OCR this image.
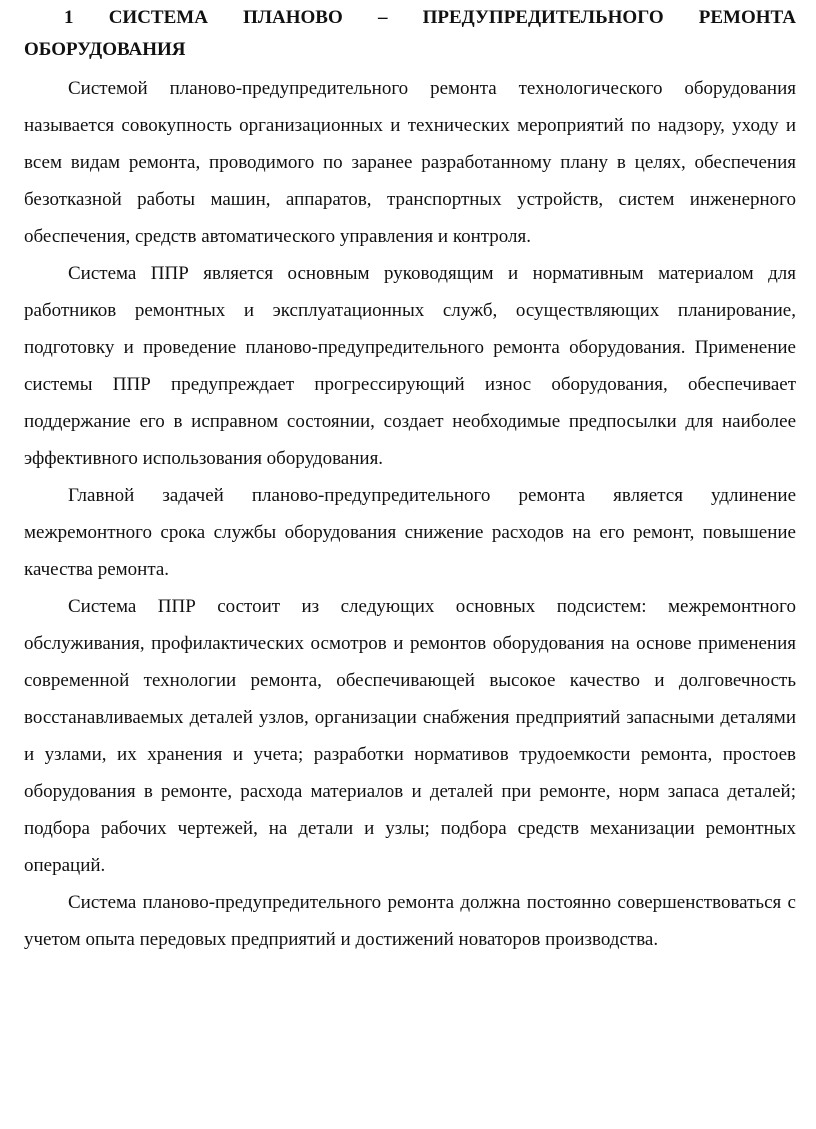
1 СИСТЕМА ПЛАНОВО – ПРЕДУПРЕДИТЕЛЬНОГО РЕМОНТА ОБОРУДОВАНИЯ

Системой планово-предупредительного ремонта технологического оборудования называется совокупность организационных и технических мероприятий по надзору, уходу и всем видам ремонта, проводимого по заранее разработанному плану в целях, обеспечения безотказной работы машин, аппаратов, транспортных устройств, систем инженерного обеспечения, средств автоматического управления и контроля.

Система ППР является основным руководящим и нормативным материалом для работников ремонтных и эксплуатационных служб, осуществляющих планирование, подготовку и проведение планово-предупредительного ремонта оборудования. Применение системы ППР предупреждает прогрессирующий износ оборудования, обеспечивает поддержание его в исправном состоянии, создает необходимые предпосылки для наиболее эффективного использования оборудования.

Главной задачей планово-предупредительного ремонта является удлинение межремонтного срока службы оборудования снижение расходов на его ремонт, повышение качества ремонта.

Система ППР состоит из следующих основных подсистем: межремонтного обслуживания, профилактических осмотров и ремонтов оборудования на основе применения современной технологии ремонта, обеспечивающей высокое качество и долговечность восстанавливаемых деталей узлов, организации снабжения предприятий запасными деталями и узлами, их хранения и учета; разработки нормативов трудоемкости ремонта, простоев оборудования в ремонте, расхода материалов и деталей при ремонте, норм запаса деталей; подбора рабочих чертежей, на детали и узлы; подбора средств механизации ремонтных операций.

Система планово-предупредительного ремонта должна постоянно совершенствоваться с учетом опыта передовых предприятий и достижений новаторов производства.
